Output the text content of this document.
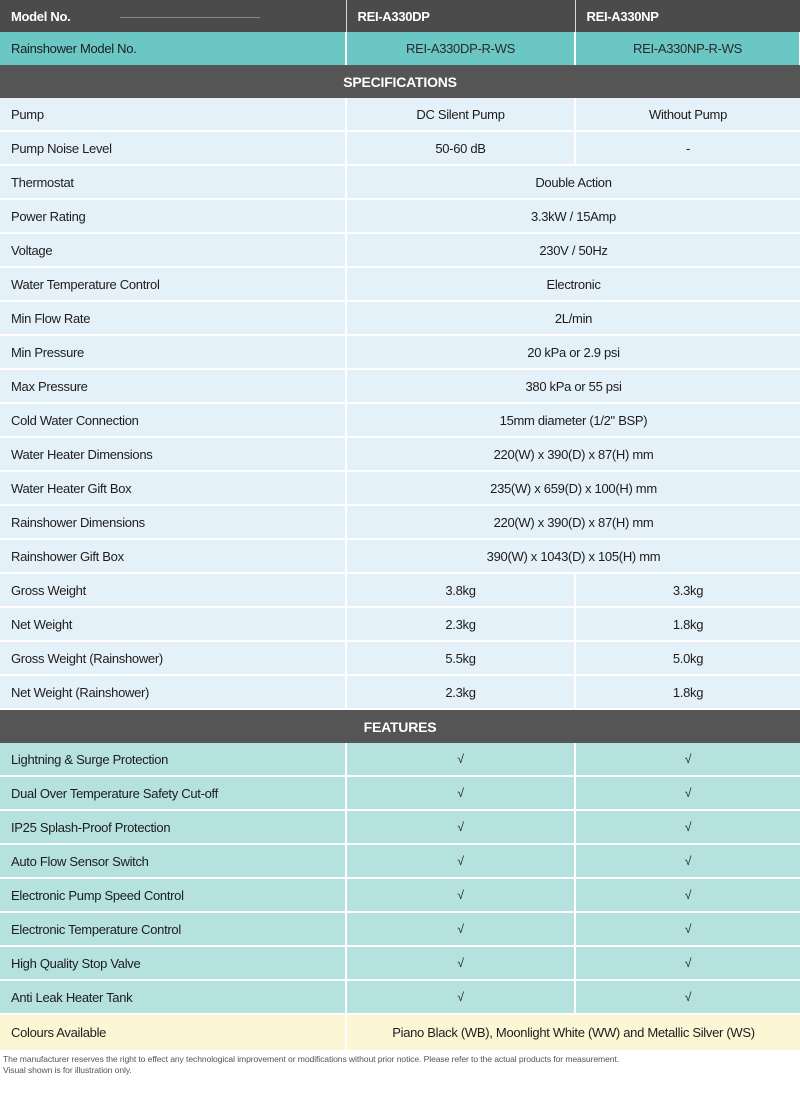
Model No.	REI-A330DP	REI-A330NP
Rainshower Model No.	REI-A330DP-R-WS	REI-A330NP-R-WS
SPECIFICATIONS		
Pump	DC Silent Pump	Without Pump
Pump Noise Level	50-60 dB	-
Thermostat	Double Action	
Power Rating	3.3kW / 15Amp	
Voltage	230V / 50Hz	
Water Temperature Control	Electronic	
Min Flow Rate	2L/min	
Min Pressure	20 kPa or 2.9 psi	
Max Pressure	380 kPa or 55 psi	
Cold Water Connection	15mm diameter (1/2" BSP)	
Water Heater Dimensions	220(W) x 390(D) x 87(H) mm	
Water Heater Gift Box	235(W) x 659(D) x 100(H) mm	
Rainshower Dimensions	220(W) x 390(D) x 87(H) mm	
Rainshower Gift Box	390(W) x 1043(D) x 105(H) mm	
Gross Weight	3.8kg	3.3kg
Net Weight	2.3kg	1.8kg
Gross Weight (Rainshower)	5.5kg	5.0kg
Net Weight (Rainshower)	2.3kg	1.8kg
FEATURES		
Lightning & Surge Protection	√	√
Dual Over Temperature Safety Cut-off	√	√
IP25 Splash-Proof Protection	√	√
Auto Flow Sensor Switch	√	√
Electronic Pump Speed Control	√	√
Electronic Temperature Control	√	√
High Quality Stop Valve	√	√
Anti Leak Heater Tank	√	√
Colours Available	Piano Black (WB), Moonlight White (WW) and Metallic Silver (WS)	
The manufacturer reserves the right to effect any technological improvement or modifications without prior notice. Please refer to the actual products for measurement.
Visual shown is for illustration only.
